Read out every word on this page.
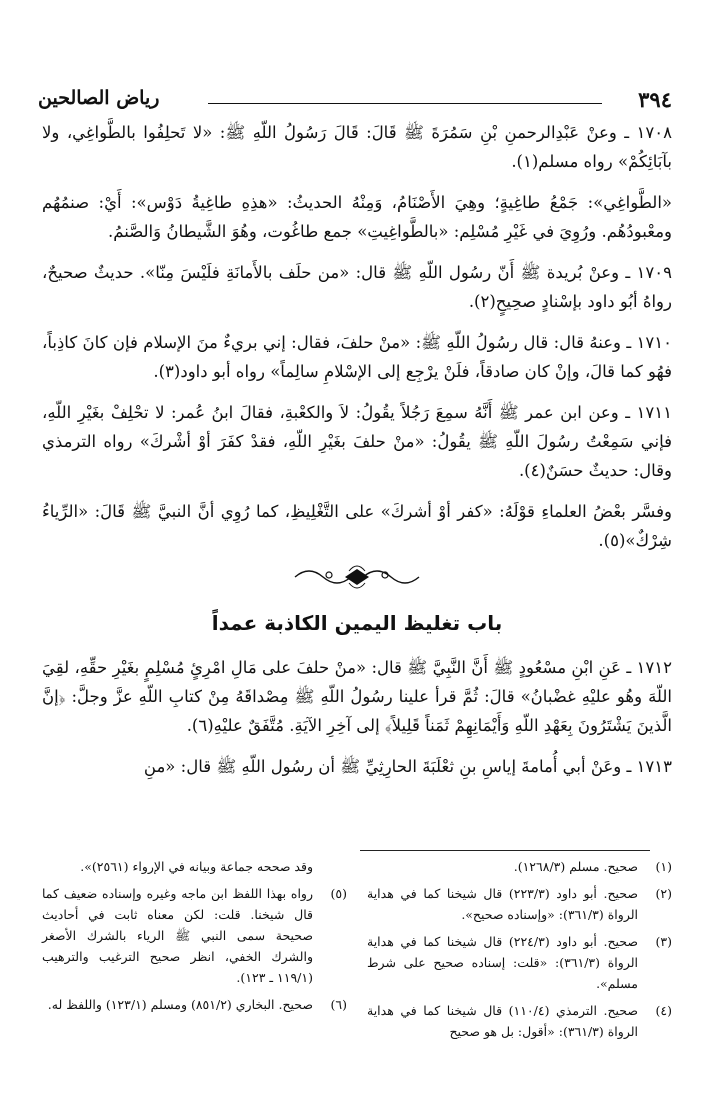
٣٩٤
رياض الصالحين

١٧٠٨ ـ وعنْ عَبْدِالرحمنِ بْنِ سَمُرَةَ ﷺ قَالَ: قَالَ رَسُولُ اللّهِ ﷺ: «لا تَحلِفُوا بالطَّواغِي، ولا بآبَائِكُمْ» رواه مسلم(١).

«الطَّواغِي»: جَمْعُ طاغِيةٍ؛ وهِيَ الأَصْنَامُ، وَمِنْهُ الحديثُ: «هذِهِ طاغِيةُ دَوْس»: أَيْ: صنمُهُم ومعْبودُهُم. ورُوِيَ في غَيْرِ مُسْلِم: «بالطَّواغِيتِ» جمع طاغُوت، وهُوَ الشَّيطانُ وَالصَّنمُ.

١٧٠٩ ـ وعنْ بُريدة ﷺ أَنّ رسُول اللّهِ ﷺ قال: «من حلَف بالأَمانَةِ فلَيْسَ مِنّا». حديثٌ صحيحٌ، رواهُ أبُو داود بإسْنادٍ صحِيحٍ(٢).

١٧١٠ ـ وعنهُ قال: قال رسُولُ اللّهِ ﷺ: «منْ حلفَ، فقال: إني بريءٌ منَ الإسلام فإن كانَ كاذِباً، فهُو كما قالَ، وإنْ كان صادقاً، فلَنْ يرْجِع إلى الإسْلامِ سالِماً» رواه أبو داود(٣).

١٧١١ ـ وعن ابن عمر ﷺ أَنَّهُ سمِعَ رَجُلاً يقُولُ: لاَ والكعْبةِ، فقالَ ابنُ عُمر: لا تحْلِفْ بغَيْرِ اللّهِ، فإني سَمِعْتُ رسُولَ اللّهِ ﷺ يقُولُ: «منْ حلفَ بغَيْرِ اللّهِ، فقدْ كفَرَ أوْ أشْركَ» رواه الترمذي وقال: حديثٌ حسَنٌ(٤).

وفسَّر بعْضُ العلماءِ قوْلَهُ: «كفر أوْ أشركَ» على التَّغْلِيظِ، كما رُوِي أنَّ النبيَّ ﷺ قَالَ: «الرِّياءُ شِرْكٌ»(٥).

باب تغليظ اليمين الكاذبة عمداً

١٧١٢ ـ عَنِ ابْنِ مسْعُودٍ ﷺ أَنَّ النَّبِيَّ ﷺ قال: «منْ حلفَ على مَالِ امْرِئٍ مُسْلِمٍ بغَيْرِ حقِّهِ، لقِيَ اللّهَ وهُو عليْهِ غضْبانُ» قالَ: ثُمَّ قرأ علينا رسُولُ اللّهِ ﷺ مِصْداقَهُ مِنْ كتابِ اللّهِ عزَّ وجلَّ: ﴿إنَّ الَّذينَ يَشْتَرُونَ بِعَهْدِ اللّهِ وَأَيْمَانِهِمْ ثَمَناً قَلِيلاً﴾ إلى آخِرِ الآيَةِ. مُتَّفَقٌ عليْهِ(٦).

١٧١٣ ـ وعَنْ أبي أُمامةَ إياسِ بنِ ثعْلَبَةَ الحارِثِيِّ ﷺ أن رسُول اللّهِ ﷺ قال: «منِ

(١)
صحيح. مسلم (١٢٦٨/٣).
(٢)
صحيح. أبو داود (٢٢٣/٣) قال شيخنا كما في هداية الرواة (٣٦١/٣): «وإسناده صحيح».
(٣)
صحيح. أبو داود (٢٢٤/٣) قال شيخنا كما في هداية الرواة (٣٦١/٣): «قلت: إسناده صحيح على شرط مسلم».
(٤)
صحيح. الترمذي (١١٠/٤) قال شيخنا كما في هداية الرواة (٣٦١/٣): «أقول: بل هو صحيح
وقد صححه جماعة وبيانه في الإرواء (٢٥٦١)».
(٥)
رواه بهذا اللفظ ابن ماجه وغيره وإسناده ضعيف كما قال شيخنا. قلت: لكن معناه ثابت في أحاديث صحيحة سمى النبي ﷺ الرياء بالشرك الأصغر والشرك الخفي، انظر صحيح الترغيب والترهيب (١١٩/١ ـ ١٢٣).
(٦)
صحيح. البخاري (٨٥١/٢) ومسلم (١٢٣/١) واللفظ له.
